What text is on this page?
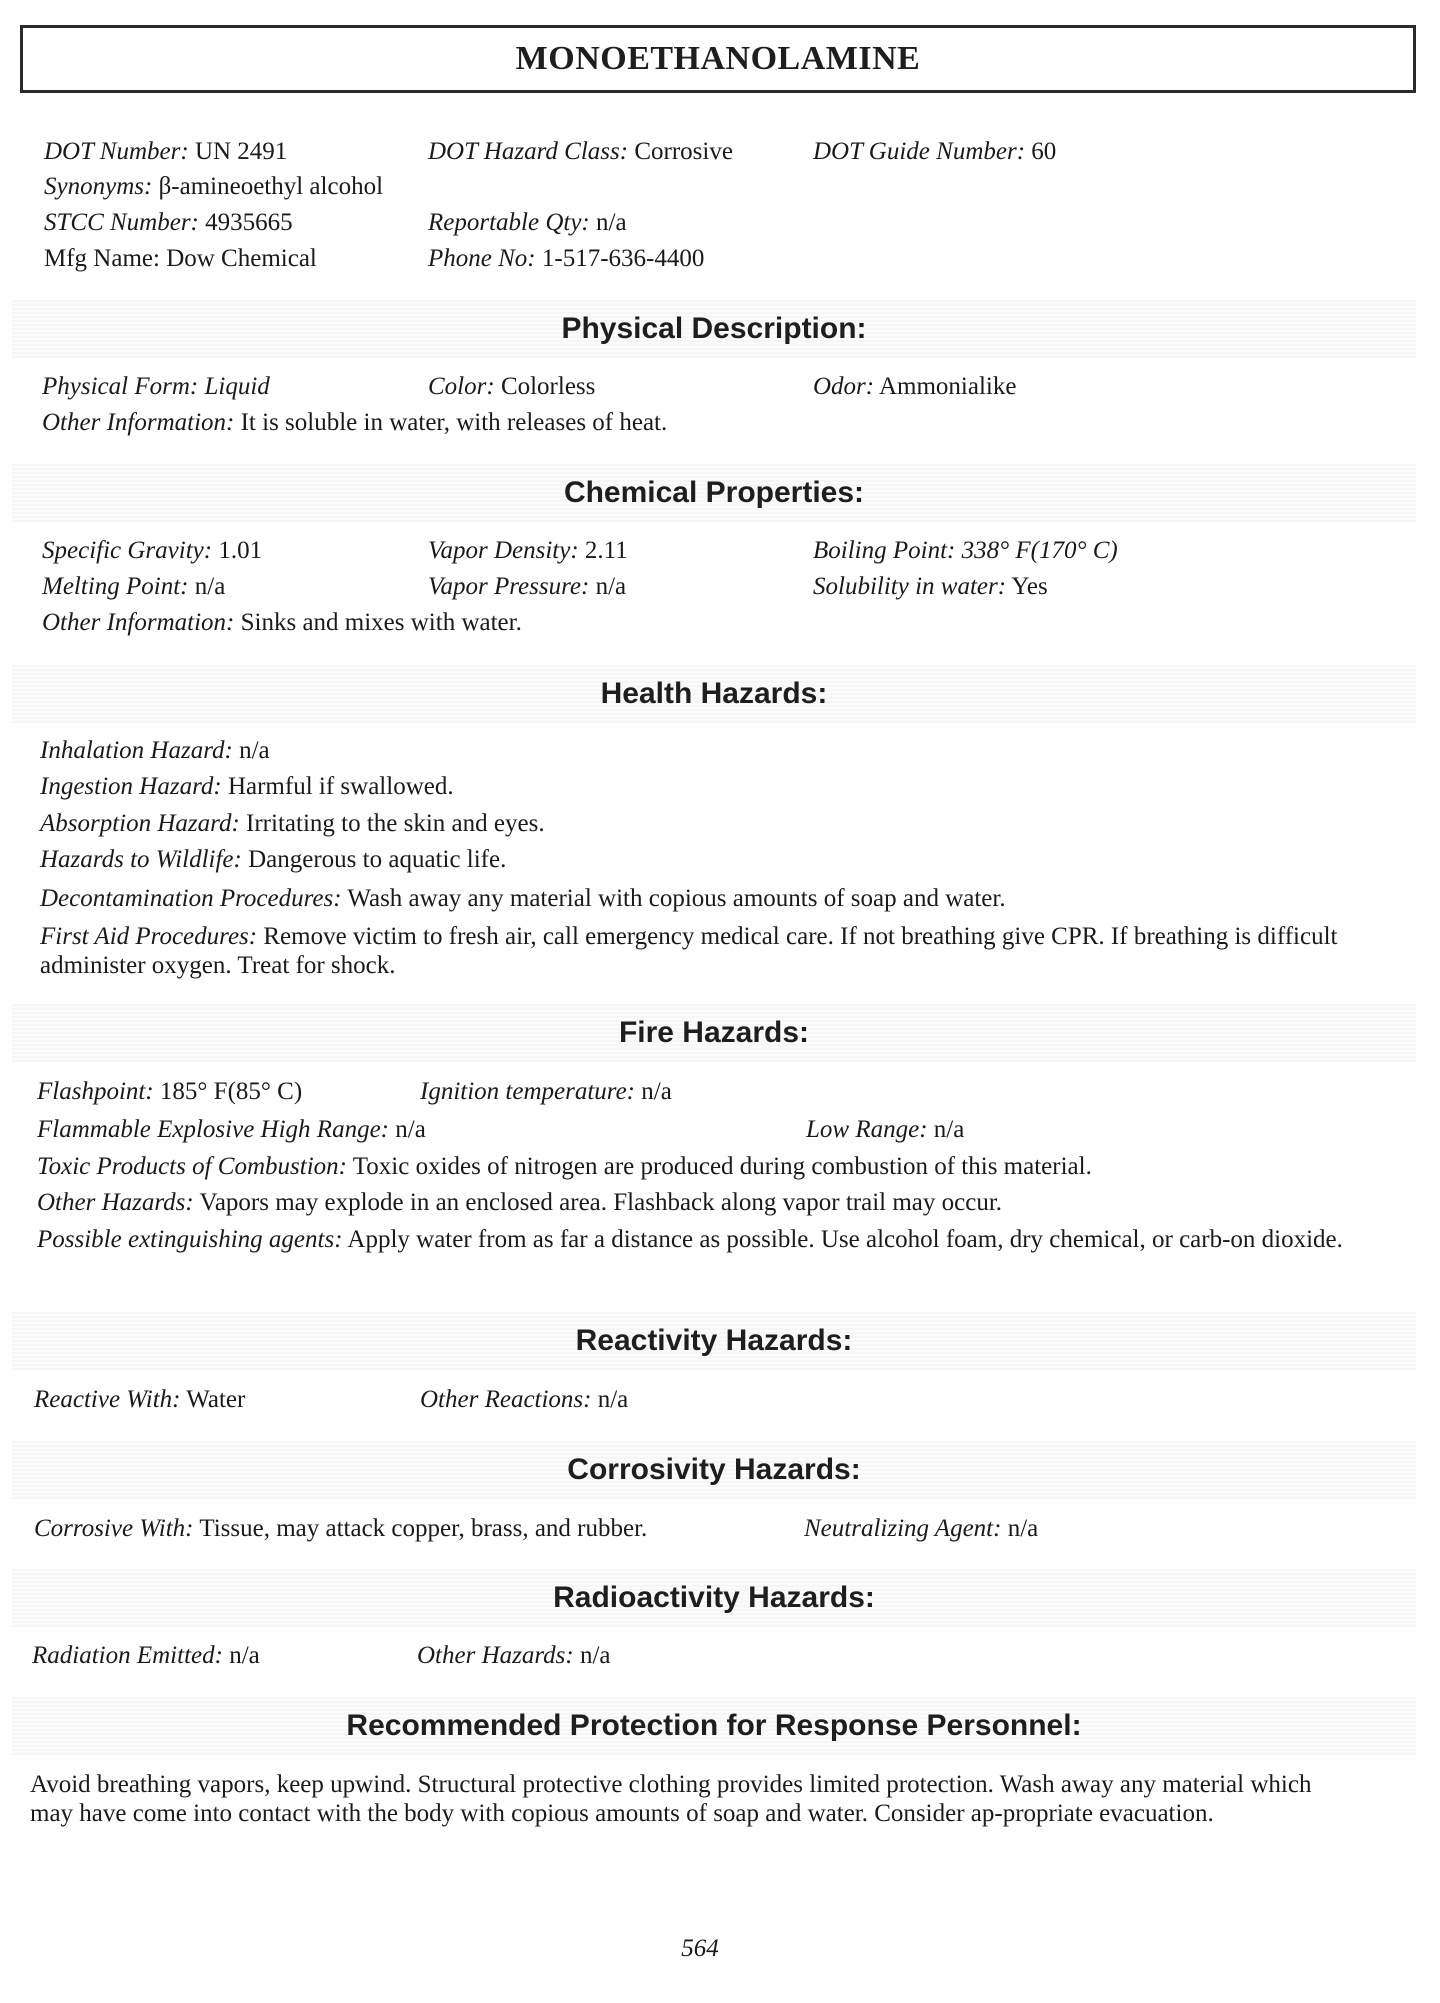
MONOETHANOLAMINE
DOT Number: UN 2491	DOT Hazard Class: Corrosive	DOT Guide Number: 60
Synonyms: β-amineoethyl alcohol
STCC Number: 4935665	Reportable Qty: n/a
Mfg Name: Dow Chemical	Phone No: 1-517-636-4400
Physical Description:
Physical Form: Liquid	Color: Colorless	Odor: Ammonialike
Other Information: It is soluble in water, with releases of heat.
Chemical Properties:
Specific Gravity: 1.01	Vapor Density: 2.11	Boiling Point: 338° F(170° C)
Melting Point: n/a	Vapor Pressure: n/a	Solubility in water: Yes
Other Information: Sinks and mixes with water.
Health Hazards:
Inhalation Hazard: n/a
Ingestion Hazard: Harmful if swallowed.
Absorption Hazard: Irritating to the skin and eyes.
Hazards to Wildlife: Dangerous to aquatic life.
Decontamination Procedures: Wash away any material with copious amounts of soap and water.
First Aid Procedures: Remove victim to fresh air, call emergency medical care. If not breathing give CPR. If breathing is difficult administer oxygen. Treat for shock.
Fire Hazards:
Flashpoint: 185° F(85° C)	Ignition temperature: n/a
Flammable Explosive High Range: n/a	Low Range: n/a
Toxic Products of Combustion: Toxic oxides of nitrogen are produced during combustion of this material.
Other Hazards: Vapors may explode in an enclosed area. Flashback along vapor trail may occur.
Possible extinguishing agents: Apply water from as far a distance as possible. Use alcohol foam, dry chemical, or carb-on dioxide.
Reactivity Hazards:
Reactive With: Water	Other Reactions: n/a
Corrosivity Hazards:
Corrosive With: Tissue, may attack copper, brass, and rubber.	Neutralizing Agent: n/a
Radioactivity Hazards:
Radiation Emitted: n/a	Other Hazards: n/a
Recommended Protection for Response Personnel:
Avoid breathing vapors, keep upwind. Structural protective clothing provides limited protection. Wash away any material which may have come into contact with the body with copious amounts of soap and water. Consider ap-propriate evacuation.
564
